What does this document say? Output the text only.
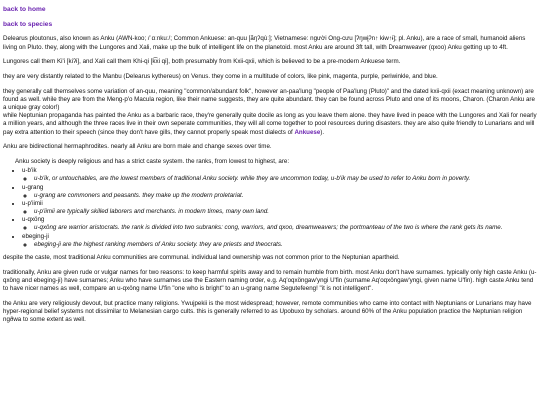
back to home
back to species

Delearus ploutonus, also known as Anku (AWN-koo; /ˈɑːnkuː/; Common Ankuese: an-quu [ãŋʔqùː]; Vietnamese: người Ong-cưu [ʔŋwɨ̯ʔn↑ kɨw↑ɨ]; pl. Anku), are a race of small, humanoid aliens living on Pluto. they, along with the Lungores and Xali, make up the bulk of intelligent life on the planetoid. most Anku are around 3ft tall, with Dreamweaver (qxoo) Anku getting up to 4ft.

Lungores call them Ki'i [kiʔi], and Xali call them Khi-qi [k͡xi qi], both presumably from Kxii-qxii, which is believed to be a pre-modern Ankuese term.

they are very distantly related to the Manbu (Delearus kythereus) on Venus. they come in a multitude of colors, like pink, magenta, purple, periwinkle, and blue.

they generally call themselves some variation of an-quu, meaning "common/abundant folk", however an-paa'lung "people of Paa'lung (Pluto)" and the dated kxii-qxii (exact meaning unknown) are found as well. while they are from the Meng-p'o Macula region, like their name suggests, they are quite abundant. they can be found across Pluto and one of its moons, Charon. (Charon Anku are a unique gray color!)
while Neptunian propaganda has painted the Anku as a barbaric race, they're generally quite docile as long as you leave them alone. they have lived in peace with the Lungores and Xali for nearly a million years, and although the three races live in their own seperate communities, they will all come together to pool resources during disasters. they are also quite friendly to Lunarians and will pay extra attention to their speech (since they don't have gills, they cannot properly speak most dialects of Ankuese).

Anku are bidirectional hermaphrodites. nearly all Anku are born male and change sexes over time.

Anku society is deeply religious and has a strict caste system. the ranks, from lowest to highest, are:
• u-b'ik
◦ u-b'ik, or untouchables, are the lowest members of traditional Anku society. while they are uncommon today, u-b'ik may be used to refer to Anku born in poverty.
• u-grang
◦ u-grang are commoners and peasants. they make up the modern proletariat.
• u-p'iimii
◦ u-p'iimii are typically skilled laborers and merchants. in modern times, many own land.
• u-qxöng
◦ u-qxöng are warrior aristocrats. the rank is divided into two subranks: cong, warriors, and qxoo, dreamweavers; the portmanteau of the two is where the rank gets its name.
• ebeging-ji
◦ ebeging-ji are the highest ranking members of Anku society. they are priests and theocrats.

despite the caste, most traditional Anku communities are communal. individual land ownership was not common prior to the Neptunian apartheid.

traditionally, Anku are given rude or vulgar names for two reasons: to keep harmful spirits away and to remain humble from birth. most Anku don't have surnames. typically only high caste Anku (u-qxöng and ebeging-ji) have surnames; Anku who have surnames use the Eastern naming order, e.g. Aq'oqxöngaw'yngi U'fin (surname Aq'oqxöngaw'yngi, given name U'fin). high caste Anku tend to have nicer names as well, compare an u-qxöng name U'fin "one who is bright" to an u-grang name Segutefeeng! "it is not intelligent".

the Anku are very religiously devout, but practice many religions. Ywujpekii is the most widespread; however, remote communities who came into contact with Neptunians or Lunarians may have hyper-regional belief systems not dissimilar to Melanesian cargo cults. this is generally referred to as Upobuxo by scholars. around 60% of the Anku population practice the Neptunian religion ngðwa to some extent as well.
